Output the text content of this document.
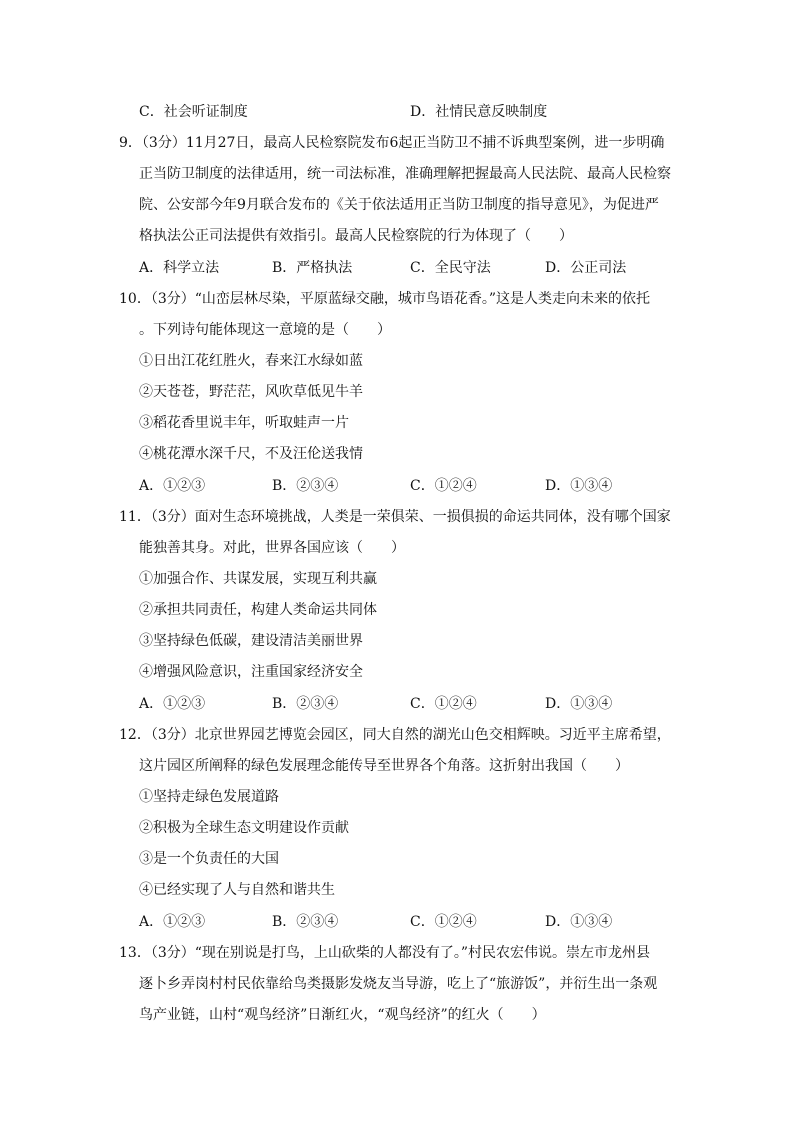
C．社会听证制度	D．社情民意反映制度
9．（3分）11月27日，最高人民检察院发布6起正当防卫不捕不诉典型案例，进一步明确
正当防卫制度的法律适用，统一司法标准，准确理解把握最高人民法院、最高人民检察
院、公安部今年9月联合发布的《关于依法适用正当防卫制度的指导意见》，为促进严
格执法公正司法提供有效指引。最高人民检察院的行为体现了（　　）
A．科学立法	B．严格执法	C．全民守法	D．公正司法
10．（3分）“山峦层林尽染，平原蓝绿交融，城市鸟语花香。”这是人类走向未来的依托
。下列诗句能体现这一意境的是（　　）
①日出江花红胜火，春来江水绿如蓝
②天苍苍，野茫茫，风吹草低见牛羊
③稻花香里说丰年，听取蛙声一片
④桃花潭水深千尺，不及汪伦送我情
A．①②③	B．②③④	C．①②④	D．①③④
11．（3分）面对生态环境挑战，人类是一荣俱荣、一损俱损的命运共同体，没有哪个国家
能独善其身。对此，世界各国应该（　　）
①加强合作、共谋发展，实现互利共赢
②承担共同责任，构建人类命运共同体
③坚持绿色低碳，建设清洁美丽世界
④增强风险意识，注重国家经济安全
A．①②③	B．②③④	C．①②④	D．①③④
12．（3分）北京世界园艺博览会园区，同大自然的湖光山色交相辉映。习近平主席希望，
这片园区所阐释的绿色发展理念能传导至世界各个角落。这折射出我国（　　）
①坚持走绿色发展道路
②积极为全球生态文明建设作贡献
③是一个负责任的大国
④已经实现了人与自然和谐共生
A．①②③	B．②③④	C．①②④	D．①③④
13．（3分）“现在别说是打鸟，上山砍柴的人都没有了。”村民农宏伟说。崇左市龙州县
逐卜乡弄岗村村民依靠给鸟类摄影发烧友当导游，吃上了“旅游饭”，并衍生出一条观
鸟产业链，山村“观鸟经济”日渐红火，“观鸟经济”的红火（　　）
